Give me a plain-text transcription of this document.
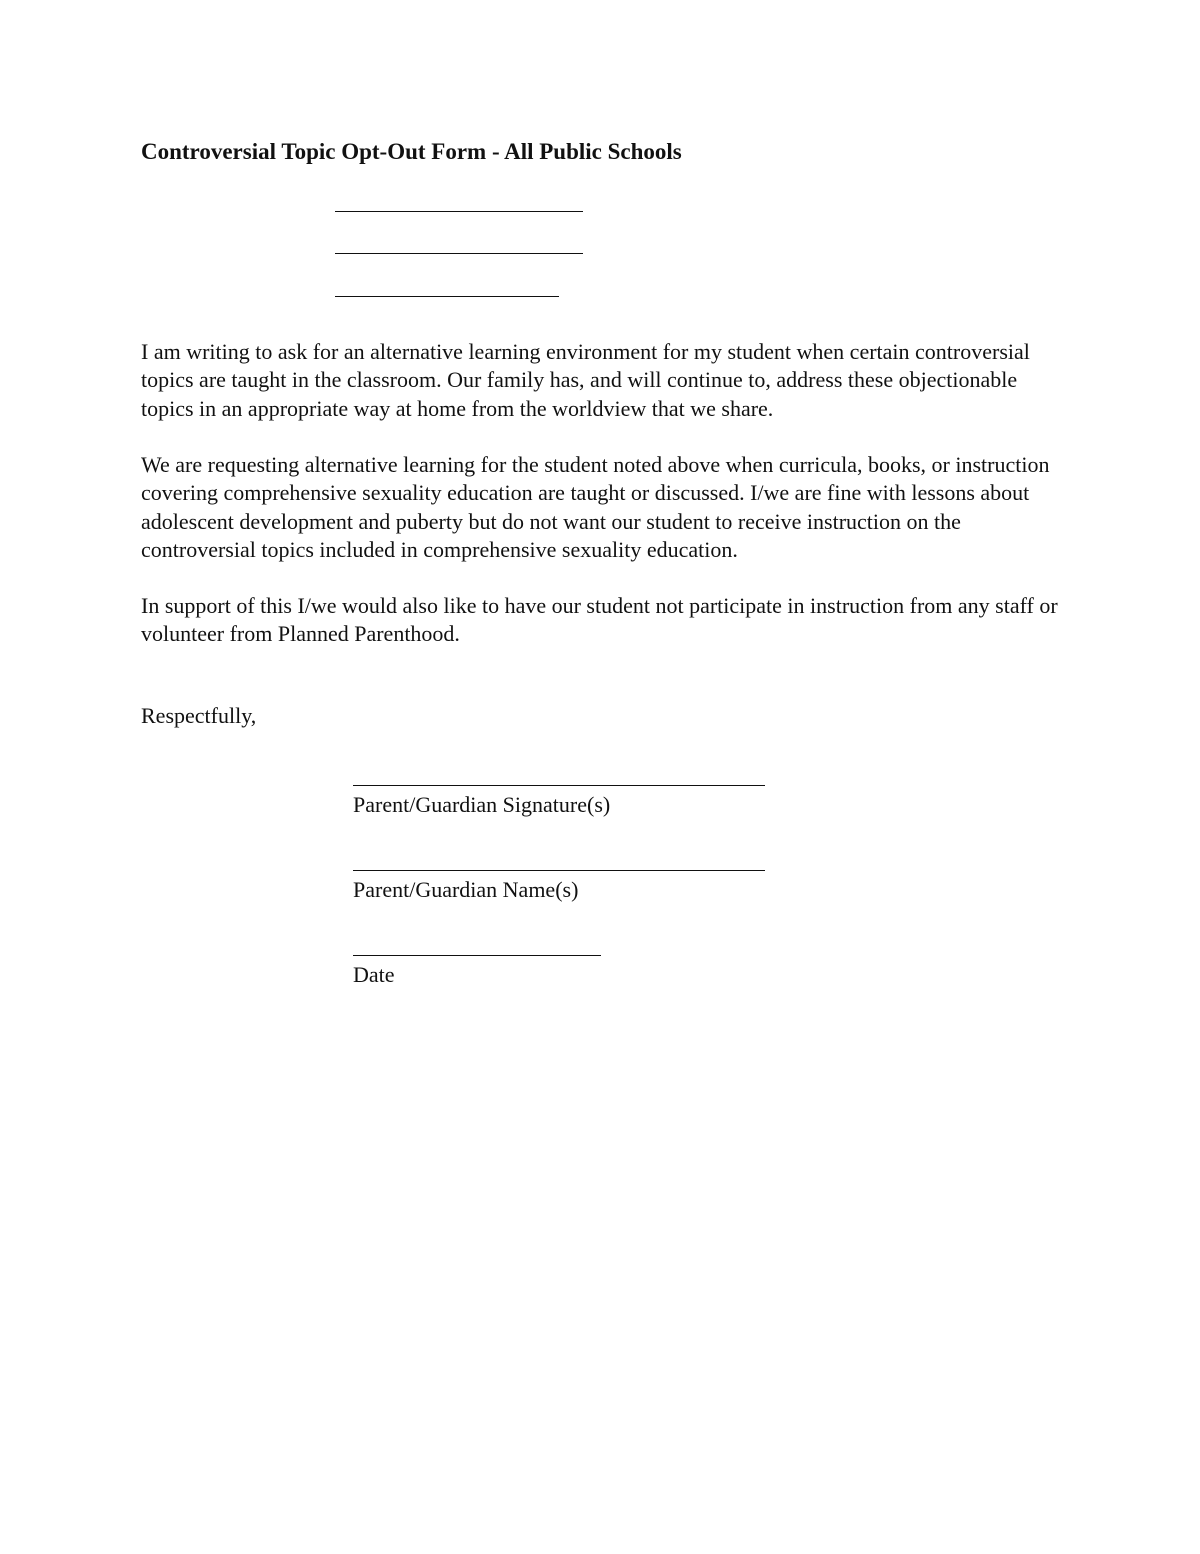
Controversial Topic Opt-Out Form - All Public Schools

I am writing to ask for an alternative learning environment for my student when certain controversial topics are taught in the classroom. Our family has, and will continue to, address these objectionable topics in an appropriate way at home from the worldview that we share.

We are requesting alternative learning for the student noted above when curricula, books, or instruction covering comprehensive sexuality education are taught or discussed. I/we are fine with lessons about adolescent development and puberty but do not want our student to receive instruction on the controversial topics included in comprehensive sexuality education.

In support of this I/we would also like to have our student not participate in instruction from any staff or volunteer from Planned Parenthood.

Respectfully,
Parent/Guardian Signature(s)
Parent/Guardian Name(s)
Date
